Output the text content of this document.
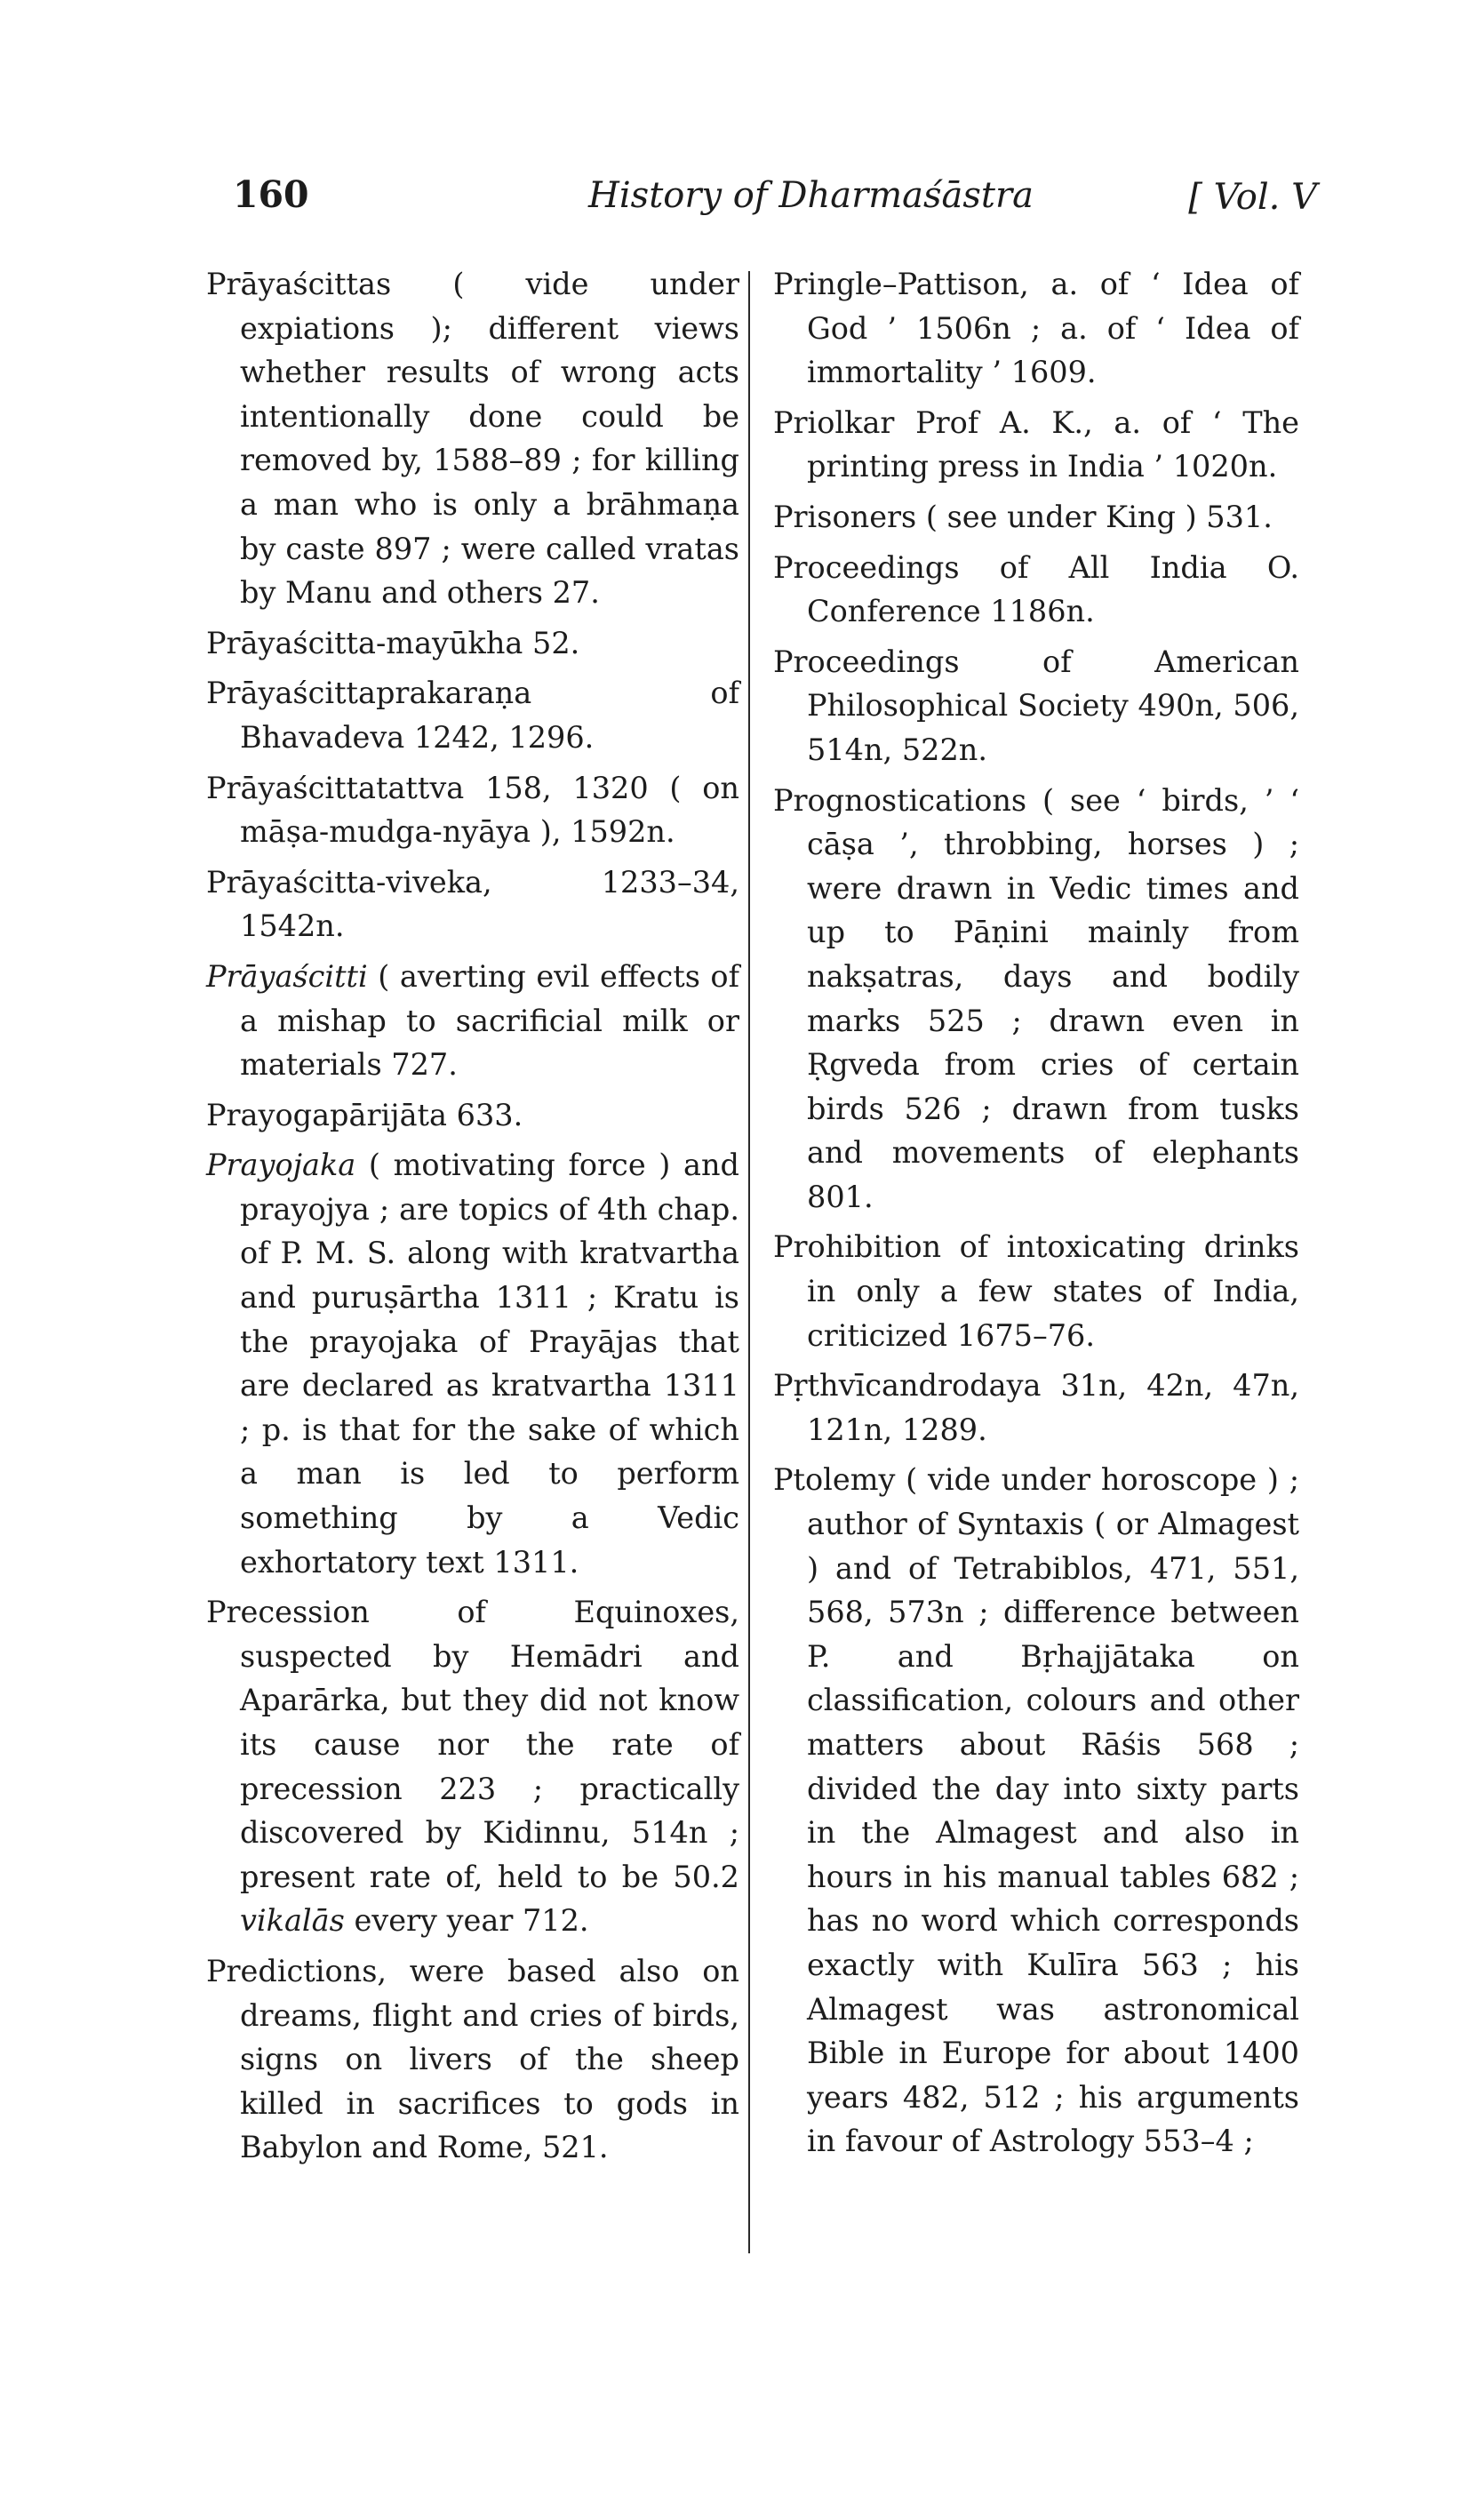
160	History of Dharmaśāstra	[ Vol. V

Prāyaścittas ( vide under expiations ); different views whether results of wrong acts intentionally done could be removed by, 1588–89 ; for killing a man who is only a brāhmaṇa by caste 897 ; were called vratas by Manu and others 27.

Prāyaścitta-mayūkha 52.

Prāyaścittaprakaraṇa of Bhavadeva 1242, 1296.

Prāyaścittatattva 158, 1320 ( on māṣa-mudga-nyāya ), 1592n.

Prāyaścitta-viveka, 1233–34, 1542n.

Prāyaścitti ( averting evil effects of a mishap to sacrificial milk or materials 727.

Prayogapārijāta 633.

Prayojaka ( motivating force ) and prayojya ; are topics of 4th chap. of P. M. S. along with kratvartha and puruṣārtha 1311 ; Kratu is the prayojaka of Prayājas that are declared as kratvartha 1311 ; p. is that for the sake of which a man is led to perform something by a Vedic exhortatory text 1311.

Precession of Equinoxes, suspected by Hemādri and Aparārka, but they did not know its cause nor the rate of precession 223 ; practically discovered by Kidinnu, 514n ; present rate of, held to be 50.2 vikalās every year 712.

Predictions, were based also on dreams, flight and cries of birds, signs on livers of the sheep killed in sacrifices to gods in Babylon and Rome, 521.

Pringle–Pattison, a. of ‘ Idea of God ’ 1506n ; a. of ‘ Idea of immortality ’ 1609.

Priolkar Prof A. K., a. of ‘ The printing press in India ’ 1020n.

Prisoners ( see under King ) 531.

Proceedings of All India O. Conference 1186n.

Proceedings of American Philosophical Society 490n, 506, 514n, 522n.

Prognostications ( see ‘ birds, ’ ‘ cāṣa ’, throbbing, horses ) ; were drawn in Vedic times and up to Pāṇini mainly from nakṣatras, days and bodily marks 525 ; drawn even in Ṛgveda from cries of certain birds 526 ; drawn from tusks and movements of elephants 801.

Prohibition of intoxicating drinks in only a few states of India, criticized 1675–76.

Pṛthvīcandrodaya 31n, 42n, 47n, 121n, 1289.

Ptolemy ( vide under horoscope ) ; author of Syntaxis ( or Almagest ) and of Tetrabiblos, 471, 551, 568, 573n ; difference between P. and Bṛhajjātaka on classification, colours and other matters about Rāśis 568 ; divided the day into sixty parts in the Almagest and also in hours in his manual tables 682 ; has no word which corresponds exactly with Kulīra 563 ; his Almagest was astronomical Bible in Europe for about 1400 years 482, 512 ; his arguments in favour of Astrology 553–4 ;
